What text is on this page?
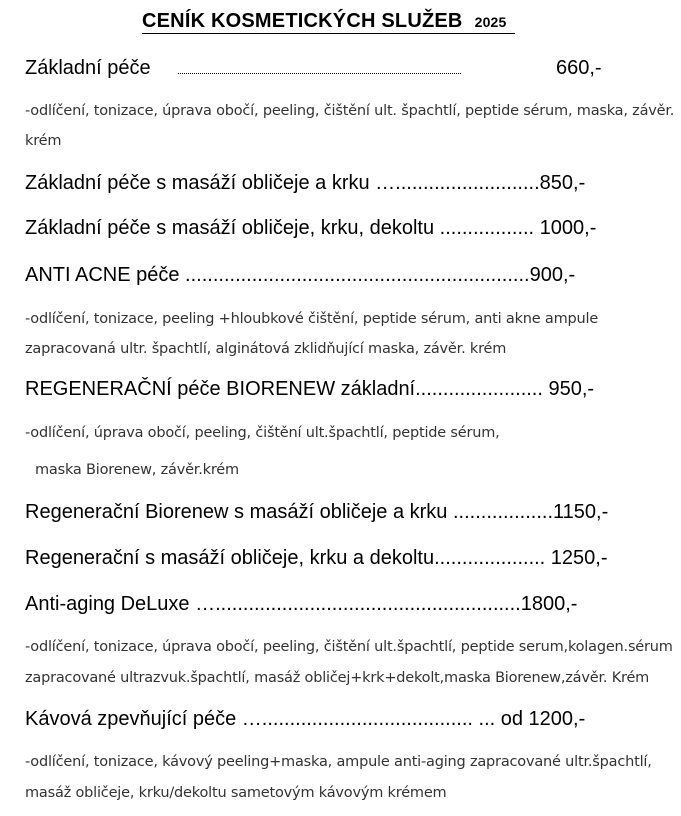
CENÍK KOSMETICKÝCH SLUŽEB 2025
Základní péče	660,-
-odlíčení, tonizace, úprava obočí, peeling, čištění ult. špachtlí, peptide sérum, maska, závěr.
krém
Základní péče s masáží obličeje a krku …..........................850,-
Základní péče s masáží obličeje, krku, dekoltu ................. 1000,-
ANTI ACNE péče ..............................................................900,-
-odlíčení, tonizace, peeling +hloubkové čištění, peptide sérum, anti akne ampule
zapracovaná ultr. špachtlí, alginátová zklidňující maska, závěr. krém
REGENERAČNÍ péče BIORENEW základní....................... 950,-
-odlíčení, úprava obočí, peeling, čištění ult.špachtlí, peptide sérum,
maska Biorenew, závěr.krém
Regenerační Biorenew s masáží obličeje a krku ..................1150,-
Regenerační s masáží obličeje, krku a dekoltu.................... 1250,-
Anti-aging DeLuxe ….......................................................1800,-
-odlíčení, tonizace, úprava obočí, peeling, čištění ult.špachtlí, peptide serum,kolagen.sérum
zapracované ultrazvuk.špachtlí, masáž obličej+krk+dekolt,maska Biorenew,závěr. Krém
Kávová zpevňující péče …...................................... ... od 1200,-
-odlíčení, tonizace, kávový peeling+maska, ampule anti-aging zapracované ultr.špachtlí,
masáž obličeje, krku/dekoltu sametovým kávovým krémem
